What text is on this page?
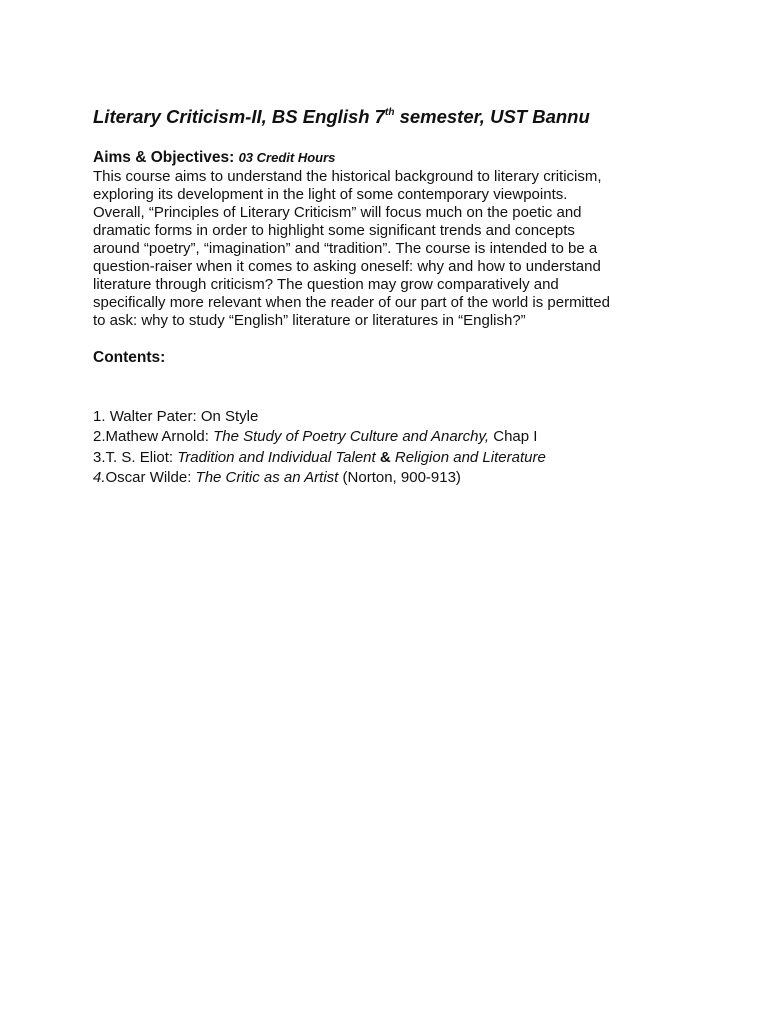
Literary Criticism-II, BS English 7th semester, UST Bannu
Aims & Objectives: 03 Credit Hours

This course aims to understand the historical background to literary criticism,
exploring its development in the light of some contemporary viewpoints.
Overall, “Principles of Literary Criticism” will focus much on the poetic and
dramatic forms in order to highlight some significant trends and concepts
around “poetry”, “imagination” and “tradition”. The course is intended to be a
question-raiser when it comes to asking oneself: why and how to understand
literature through criticism? The question may grow comparatively and
specifically more relevant when the reader of our part of the world is permitted
to ask: why to study “English” literature or literatures in “English?”

Contents:
1. Walter Pater: On Style
2.Mathew Arnold: The Study of Poetry Culture and Anarchy, Chap I
3.T. S. Eliot: Tradition and Individual Talent & Religion and Literature
4.Oscar Wilde: The Critic as an Artist (Norton, 900-913)
